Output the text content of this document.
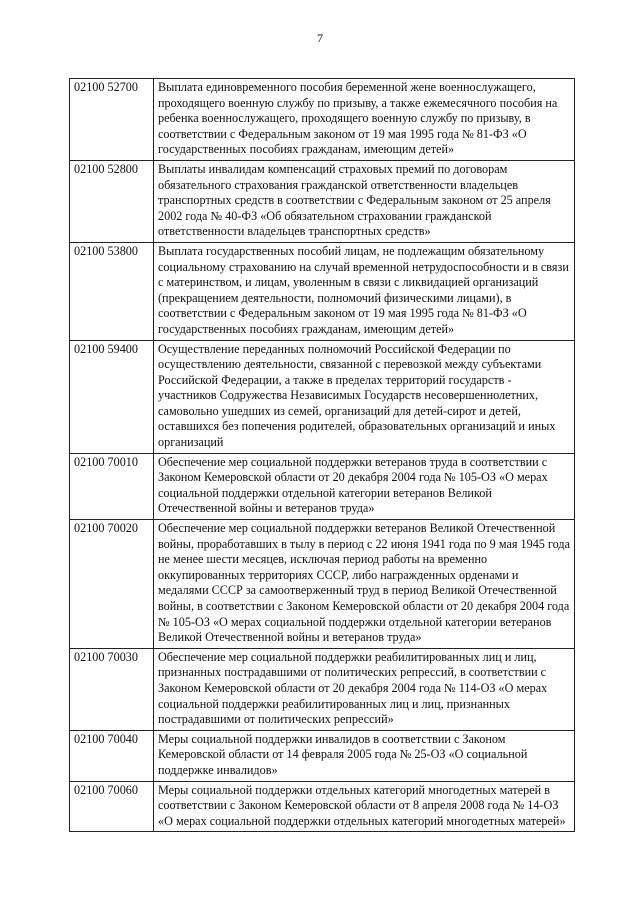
7
02100 52700	Выплата единовременного пособия беременной жене военнослужащего, проходящего военную службу по призыву, а также ежемесячного пособия на ребенка военнослужащего, проходящего военную службу по призыву, в соответствии с Федеральным законом от 19 мая 1995 года № 81-ФЗ «О государственных пособиях гражданам, имеющим детей»
02100 52800	Выплаты инвалидам компенсаций страховых премий по договорам обязательного страхования гражданской ответственности владельцев транспортных средств в соответствии с Федеральным законом от 25 апреля 2002 года № 40-ФЗ «Об обязательном страховании гражданской ответственности владельцев транспортных средств»
02100 53800	Выплата государственных пособий лицам, не подлежащим обязательному социальному страхованию на случай временной нетрудоспособности и в связи с материнством, и лицам, уволенным в связи с ликвидацией организаций (прекращением деятельности, полномочий физическими лицами), в соответствии с Федеральным законом от 19 мая 1995 года № 81-ФЗ «О государственных пособиях гражданам, имеющим детей»
02100 59400	Осуществление переданных полномочий Российской Федерации по осуществлению деятельности, связанной с перевозкой между субъектами Российской Федерации, а также в пределах территорий государств - участников Содружества Независимых Государств несовершеннолетних, самовольно ушедших из семей, организаций для детей-сирот и детей, оставшихся без попечения родителей, образовательных организаций и иных организаций
02100 70010	Обеспечение мер социальной поддержки ветеранов труда в соответствии с Законом Кемеровской области от 20 декабря 2004 года № 105-ОЗ «О мерах социальной поддержки отдельной категории ветеранов Великой Отечественной войны и ветеранов труда»
02100 70020	Обеспечение мер социальной поддержки ветеранов Великой Отечественной войны, проработавших в тылу в период с 22 июня 1941 года по 9 мая 1945 года не менее шести месяцев, исключая период работы на временно оккупированных территориях СССР, либо награжденных орденами и медалями СССР за самоотверженный труд в период Великой Отечественной войны, в соответствии с Законом Кемеровской области от 20 декабря 2004 года № 105-ОЗ «О мерах социальной поддержки отдельной категории ветеранов Великой Отечественной войны и ветеранов труда»
02100 70030	Обеспечение мер социальной поддержки реабилитированных лиц и лиц, признанных пострадавшими от политических репрессий, в соответствии с Законом Кемеровской области от 20 декабря 2004 года № 114-ОЗ «О мерах социальной поддержки реабилитированных лиц и лиц, признанных пострадавшими от политических репрессий»
02100 70040	Меры социальной поддержки инвалидов в соответствии с Законом Кемеровской области от 14 февраля 2005 года № 25-ОЗ «О социальной поддержке инвалидов»
02100 70060	Меры социальной поддержки отдельных категорий многодетных матерей в соответствии с Законом Кемеровской области от 8 апреля 2008 года № 14-ОЗ «О мерах социальной поддержки отдельных категорий многодетных матерей»
